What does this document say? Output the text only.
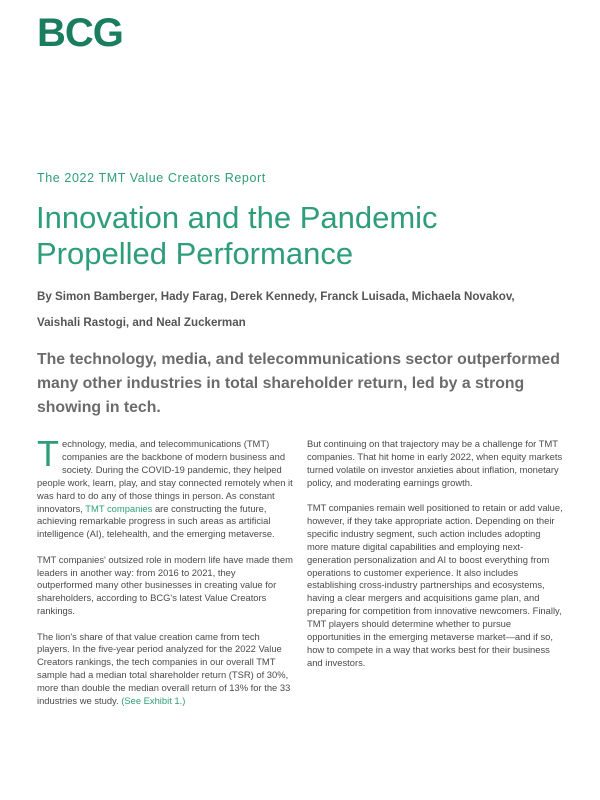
BCG
The 2022 TMT Value Creators Report
Innovation and the Pandemic
Propelled Performance
By Simon Bamberger, Hady Farag, Derek Kennedy, Franck Luisada, Michaela Novakov,
Vaishali Rastogi, and Neal Zuckerman
The technology, media, and telecommunications sector outperformed many other industries in total shareholder return, led by a strong showing in tech.

Technology, media, and telecommunications (TMT) companies are the backbone of modern business and society. During the COVID-19 pandemic, they helped people work, learn, play, and stay connected remotely when it was hard to do any of those things in person. As constant innovators, TMT companies are constructing the future, achieving remarkable progress in such areas as artificial intelligence (AI), telehealth, and the emerging metaverse.

TMT companies' outsized role in modern life have made them leaders in another way: from 2016 to 2021, they outperformed many other businesses in creating value for shareholders, according to BCG's latest Value Creators rankings.

The lion's share of that value creation came from tech players. In the five-year period analyzed for the 2022 Value Creators rankings, the tech companies in our overall TMT sample had a median total shareholder return (TSR) of 30%, more than double the median overall return of 13% for the 33 industries we study. (See Exhibit 1.)

But continuing on that trajectory may be a challenge for TMT companies. That hit home in early 2022, when equity markets turned volatile on investor anxieties about inflation, monetary policy, and moderating earnings growth.

TMT companies remain well positioned to retain or add value, however, if they take appropriate action. Depending on their specific industry segment, such action includes adopting more mature digital capabilities and employing next-generation personalization and AI to boost everything from operations to customer experience. It also includes establishing cross-industry partnerships and ecosystems, having a clear mergers and acquisitions game plan, and preparing for competition from innovative newcomers. Finally, TMT players should determine whether to pursue opportunities in the emerging metaverse market—and if so, how to compete in a way that works best for their business and investors.
